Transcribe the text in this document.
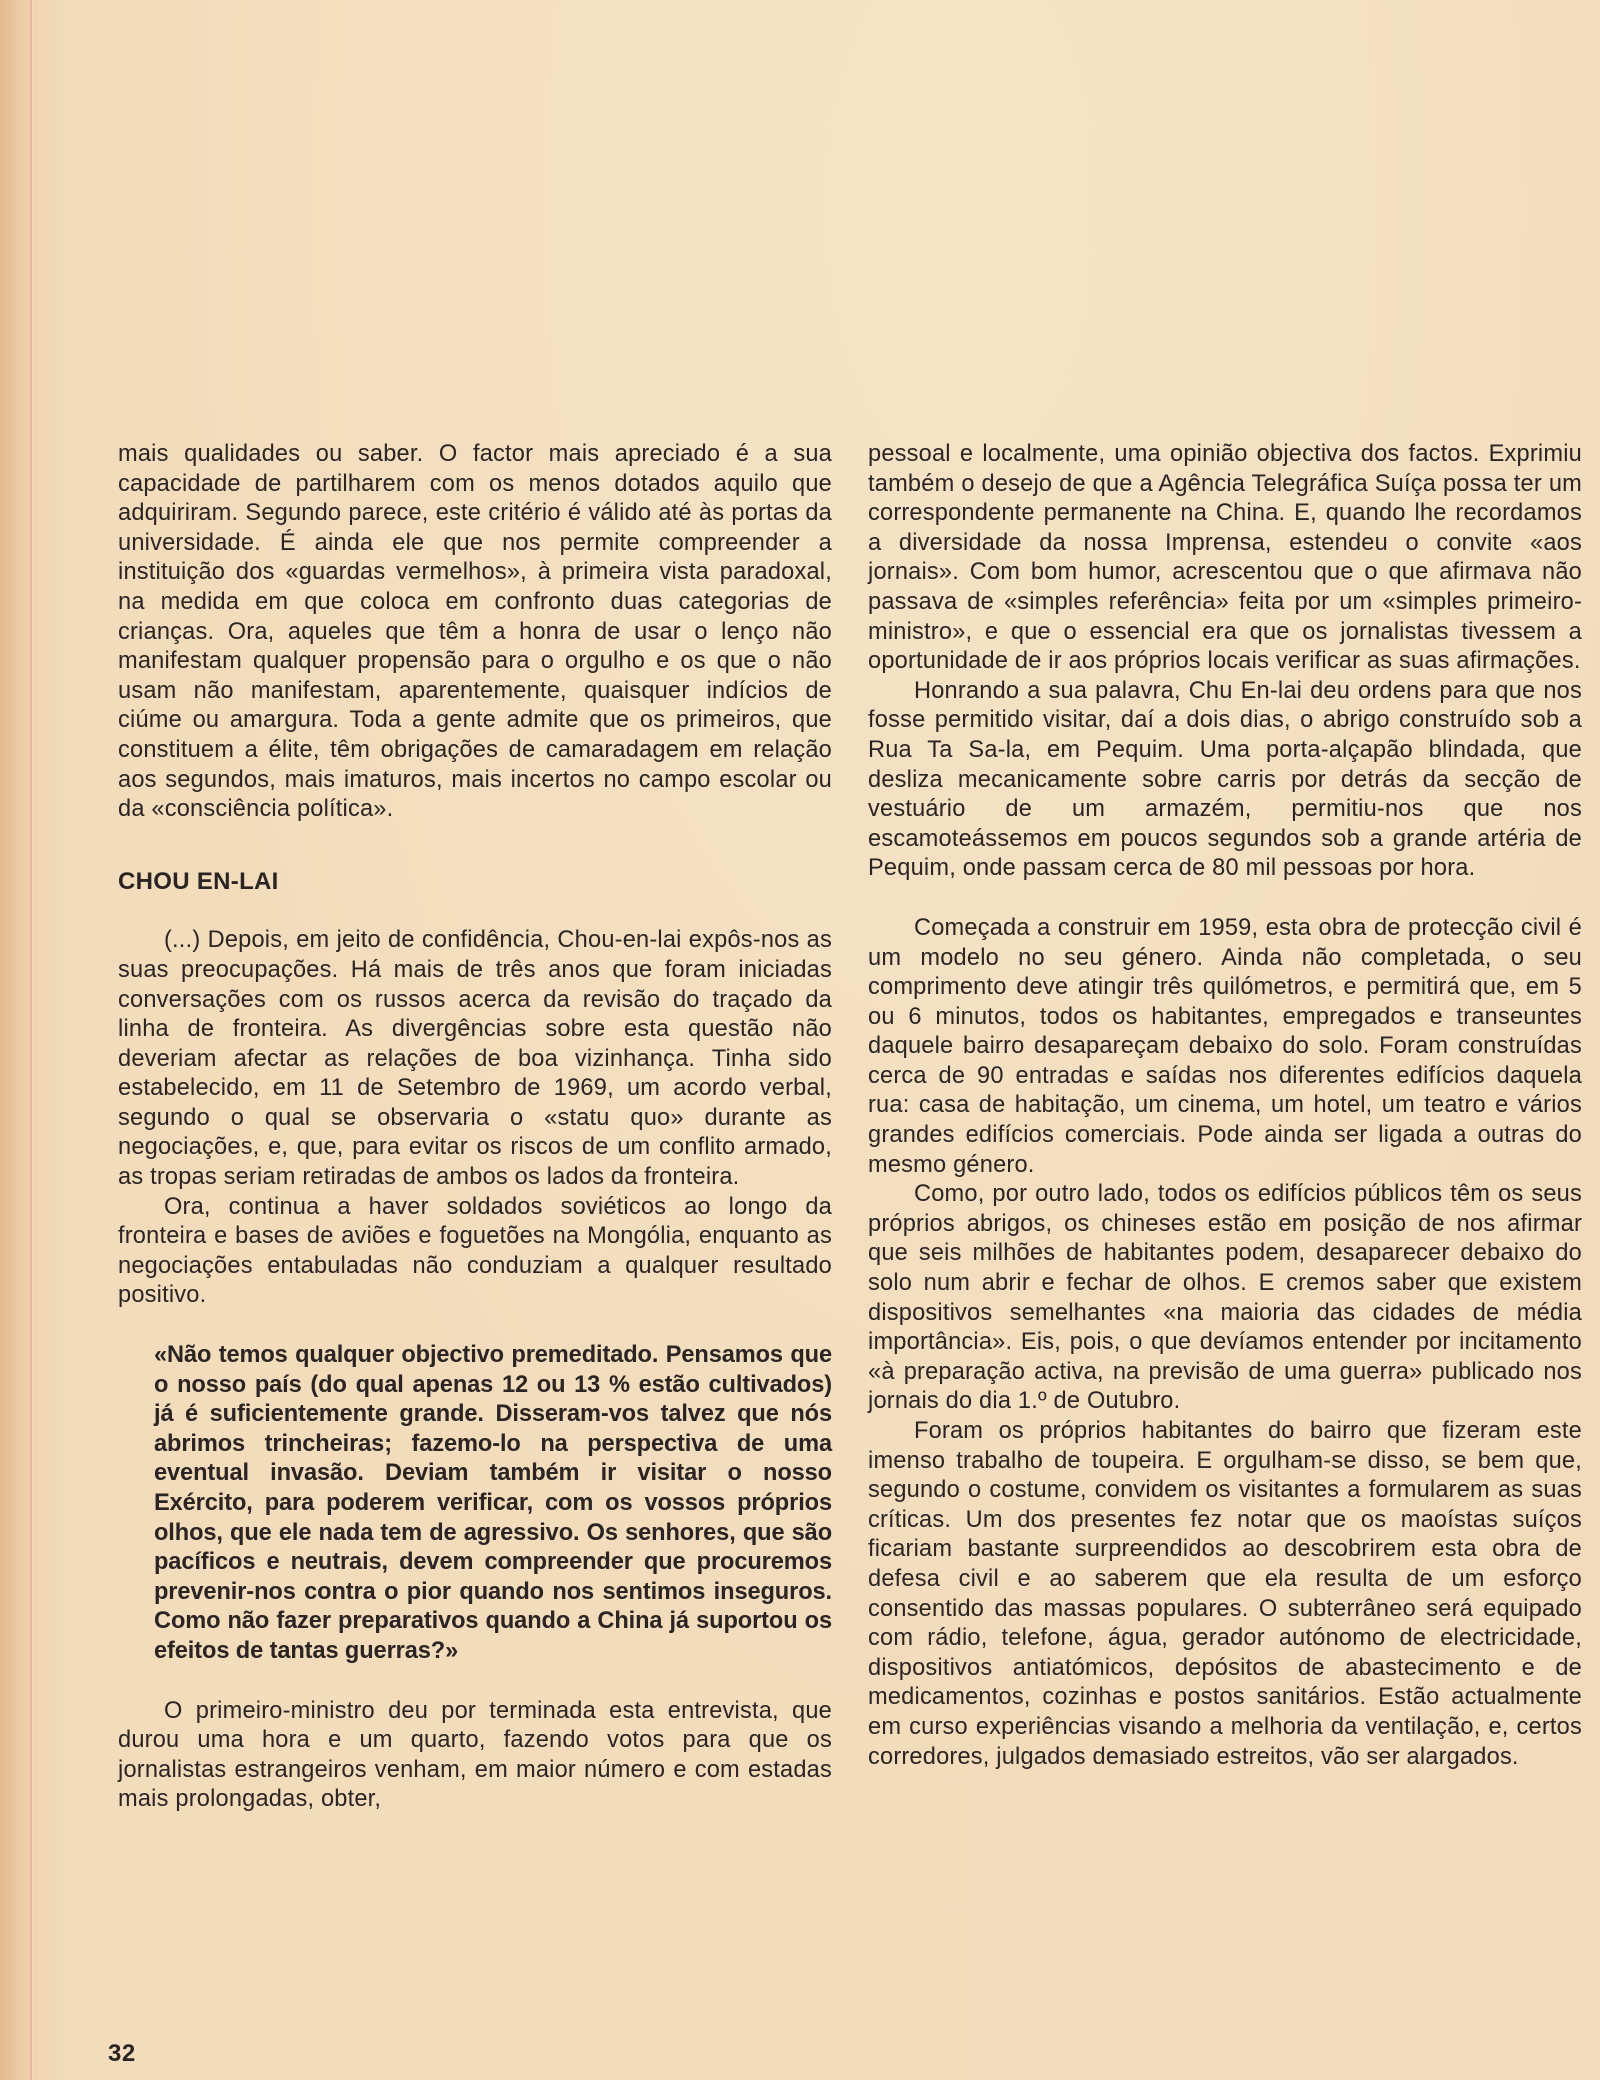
mais qualidades ou saber. O factor mais apreciado é a sua capacidade de partilharem com os menos dotados aquilo que adquiriram. Segundo parece, este critério é válido até às portas da universidade. É ainda ele que nos permite compreender a instituição dos «guardas vermelhos», à primeira vista paradoxal, na medida em que coloca em confronto duas categorias de crianças. Ora, aqueles que têm a honra de usar o lenço não manifestam qualquer propensão para o orgulho e os que o não usam não manifestam, aparentemente, quaisquer indícios de ciúme ou amargura. Toda a gente admite que os primeiros, que constituem a élite, têm obrigações de camaradagem em relação aos segundos, mais imaturos, mais incertos no campo escolar ou da «consciência política».

CHOU EN-LAI

(...) Depois, em jeito de confidência, Chou-en-lai expôs-nos as suas preocupações. Há mais de três anos que foram iniciadas conversações com os russos acerca da revisão do traçado da linha de fronteira. As divergências sobre esta questão não deveriam afectar as relações de boa vizinhança. Tinha sido estabelecido, em 11 de Setembro de 1969, um acordo verbal, segundo o qual se observaria o «statu quo» durante as negociações, e, que, para evitar os riscos de um conflito armado, as tropas seriam retiradas de ambos os lados da fronteira.

Ora, continua a haver soldados soviéticos ao longo da fronteira e bases de aviões e foguetões na Mongólia, enquanto as negociações entabuladas não conduziam a qualquer resultado positivo.

«Não temos qualquer objectivo premeditado. Pensamos que o nosso país (do qual apenas 12 ou 13 % estão cultivados) já é suficientemente grande. Disseram-vos talvez que nós abrimos trincheiras; fazemo-lo na perspectiva de uma eventual invasão. Deviam também ir visitar o nosso Exército, para poderem verificar, com os vossos próprios olhos, que ele nada tem de agressivo. Os senhores, que são pacíficos e neutrais, devem compreender que procuremos prevenir-nos contra o pior quando nos sentimos inseguros. Como não fazer preparativos quando a China já suportou os efeitos de tantas guerras?»

O primeiro-ministro deu por terminada esta entrevista, que durou uma hora e um quarto, fazendo votos para que os jornalistas estrangeiros venham, em maior número e com estadas mais prolongadas, obter,

pessoal e localmente, uma opinião objectiva dos factos. Exprimiu também o desejo de que a Agência Telegráfica Suíça possa ter um correspondente permanente na China. E, quando lhe recordamos a diversidade da nossa Imprensa, estendeu o convite «aos jornais». Com bom humor, acrescentou que o que afirmava não passava de «simples referência» feita por um «simples primeiro-ministro», e que o essencial era que os jornalistas tivessem a oportunidade de ir aos próprios locais verificar as suas afirmações.

Honrando a sua palavra, Chu En-lai deu ordens para que nos fosse permitido visitar, daí a dois dias, o abrigo construído sob a Rua Ta Sa-la, em Pequim. Uma porta-alçapão blindada, que desliza mecanicamente sobre carris por detrás da secção de vestuário de um armazém, permitiu-nos que nos escamoteássemos em poucos segundos sob a grande artéria de Pequim, onde passam cerca de 80 mil pessoas por hora.

Começada a construir em 1959, esta obra de protecção civil é um modelo no seu género. Ainda não completada, o seu comprimento deve atingir três quilómetros, e permitirá que, em 5 ou 6 minutos, todos os habitantes, empregados e transeuntes daquele bairro desapareçam debaixo do solo. Foram construídas cerca de 90 entradas e saídas nos diferentes edifícios daquela rua: casa de habitação, um cinema, um hotel, um teatro e vários grandes edifícios comerciais. Pode ainda ser ligada a outras do mesmo género.

Como, por outro lado, todos os edifícios públicos têm os seus próprios abrigos, os chineses estão em posição de nos afirmar que seis milhões de habitantes podem, desaparecer debaixo do solo num abrir e fechar de olhos. E cremos saber que existem dispositivos semelhantes «na maioria das cidades de média importância». Eis, pois, o que devíamos entender por incitamento «à preparação activa, na previsão de uma guerra» publicado nos jornais do dia 1.º de Outubro.

Foram os próprios habitantes do bairro que fizeram este imenso trabalho de toupeira. E orgulham-se disso, se bem que, segundo o costume, convidem os visitantes a formularem as suas críticas. Um dos presentes fez notar que os maoístas suíços ficariam bastante surpreendidos ao descobrirem esta obra de defesa civil e ao saberem que ela resulta de um esforço consentido das massas populares. O subterrâneo será equipado com rádio, telefone, água, gerador autónomo de electricidade, dispositivos antiatómicos, depósitos de abastecimento e de medicamentos, cozinhas e postos sanitários. Estão actualmente em curso experiências visando a melhoria da ventilação, e, certos corredores, julgados demasiado estreitos, vão ser alargados.

32
